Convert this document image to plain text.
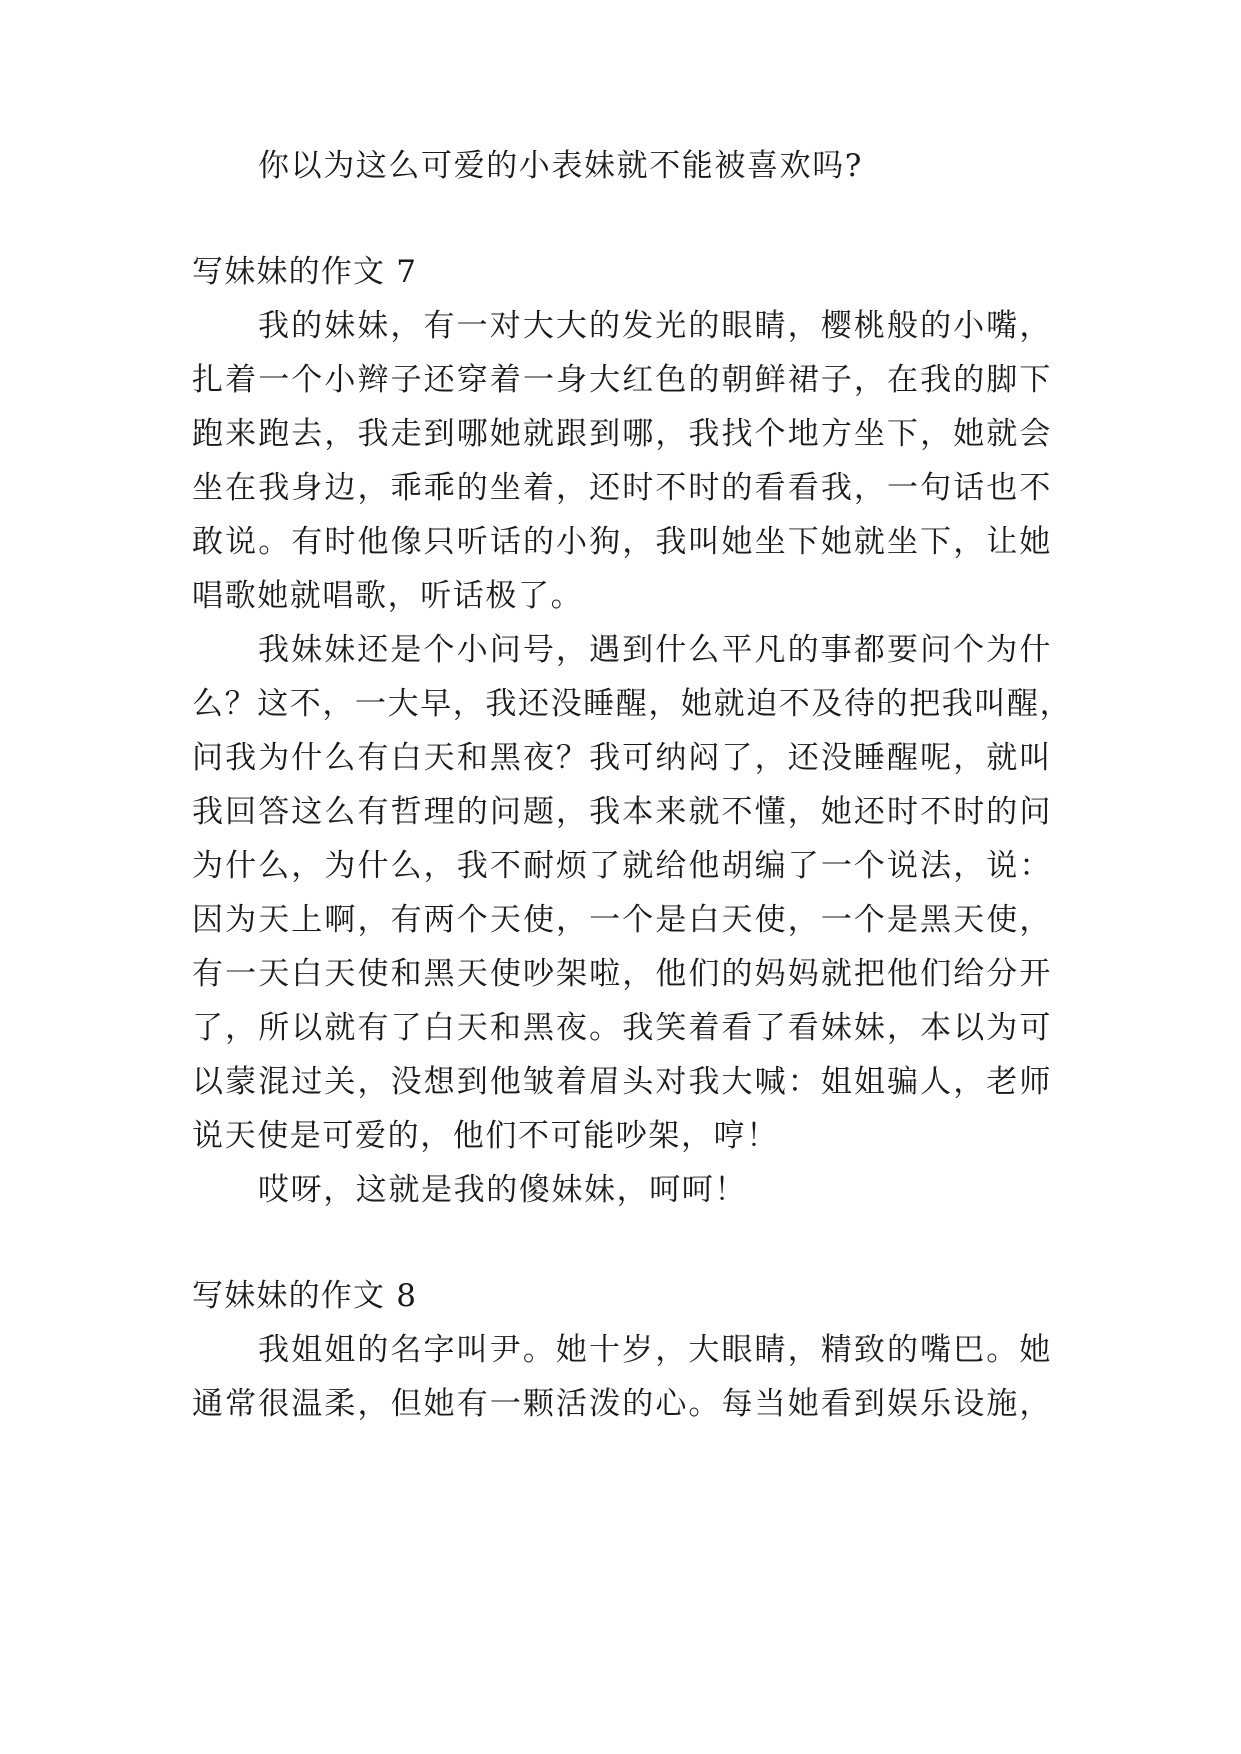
你以为这么可爱的小表妹就不能被喜欢吗?
写妹妹的作文 7
我的妹妹，有一对大大的发光的眼睛，樱桃般的小嘴，
扎着一个小辫子还穿着一身大红色的朝鲜裙子，在我的脚下
跑来跑去，我走到哪她就跟到哪，我找个地方坐下，她就会
坐在我身边，乖乖的坐着，还时不时的看看我，一句话也不
敢说。有时他像只听话的小狗，我叫她坐下她就坐下，让她
唱歌她就唱歌，听话极了。
我妹妹还是个小问号，遇到什么平凡的事都要问个为什
么？这不，一大早，我还没睡醒，她就迫不及待的把我叫醒，
问我为什么有白天和黑夜？我可纳闷了，还没睡醒呢，就叫
我回答这么有哲理的问题，我本来就不懂，她还时不时的问
为什么，为什么，我不耐烦了就给他胡编了一个说法，说：
因为天上啊，有两个天使，一个是白天使，一个是黑天使，
有一天白天使和黑天使吵架啦，他们的妈妈就把他们给分开
了，所以就有了白天和黑夜。我笑着看了看妹妹，本以为可
以蒙混过关，没想到他皱着眉头对我大喊：姐姐骗人，老师
说天使是可爱的，他们不可能吵架，哼！
哎呀，这就是我的傻妹妹，呵呵！
写妹妹的作文 8
我姐姐的名字叫尹。她十岁，大眼睛，精致的嘴巴。她
通常很温柔，但她有一颗活泼的心。每当她看到娱乐设施，
